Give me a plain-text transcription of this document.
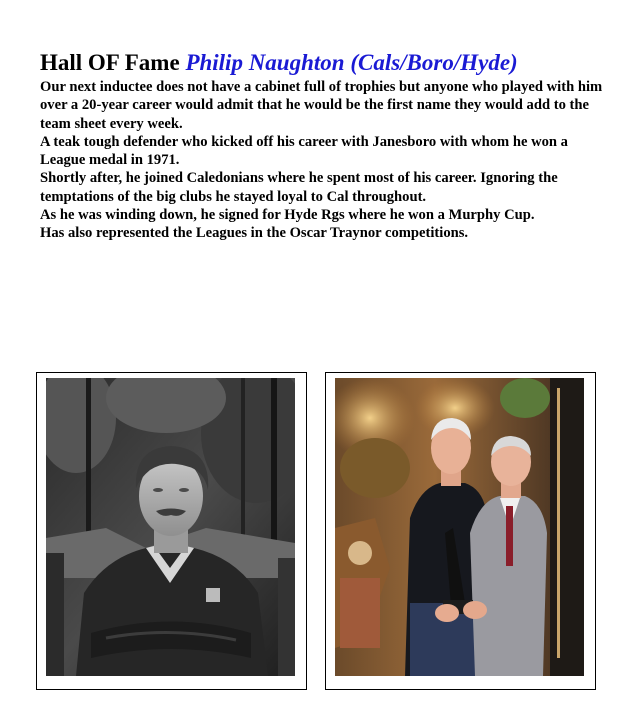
Hall OF Fame Philip Naughton (Cals/Boro/Hyde)

Our next inductee does not have a cabinet full of trophies but anyone who played with him over a 20-year career would admit that he would be the first name they would add to the team sheet every week.

A teak tough defender who kicked off his career with Janesboro with whom he won a League medal in 1971.

Shortly after, he joined Caledonians where he spent most of his career. Ignoring the temptations of the big clubs he stayed loyal to Cal throughout.

As he was winding down, he signed for Hyde Rgs where he won a Murphy Cup.

Has also represented the Leagues in the Oscar Traynor competitions.
